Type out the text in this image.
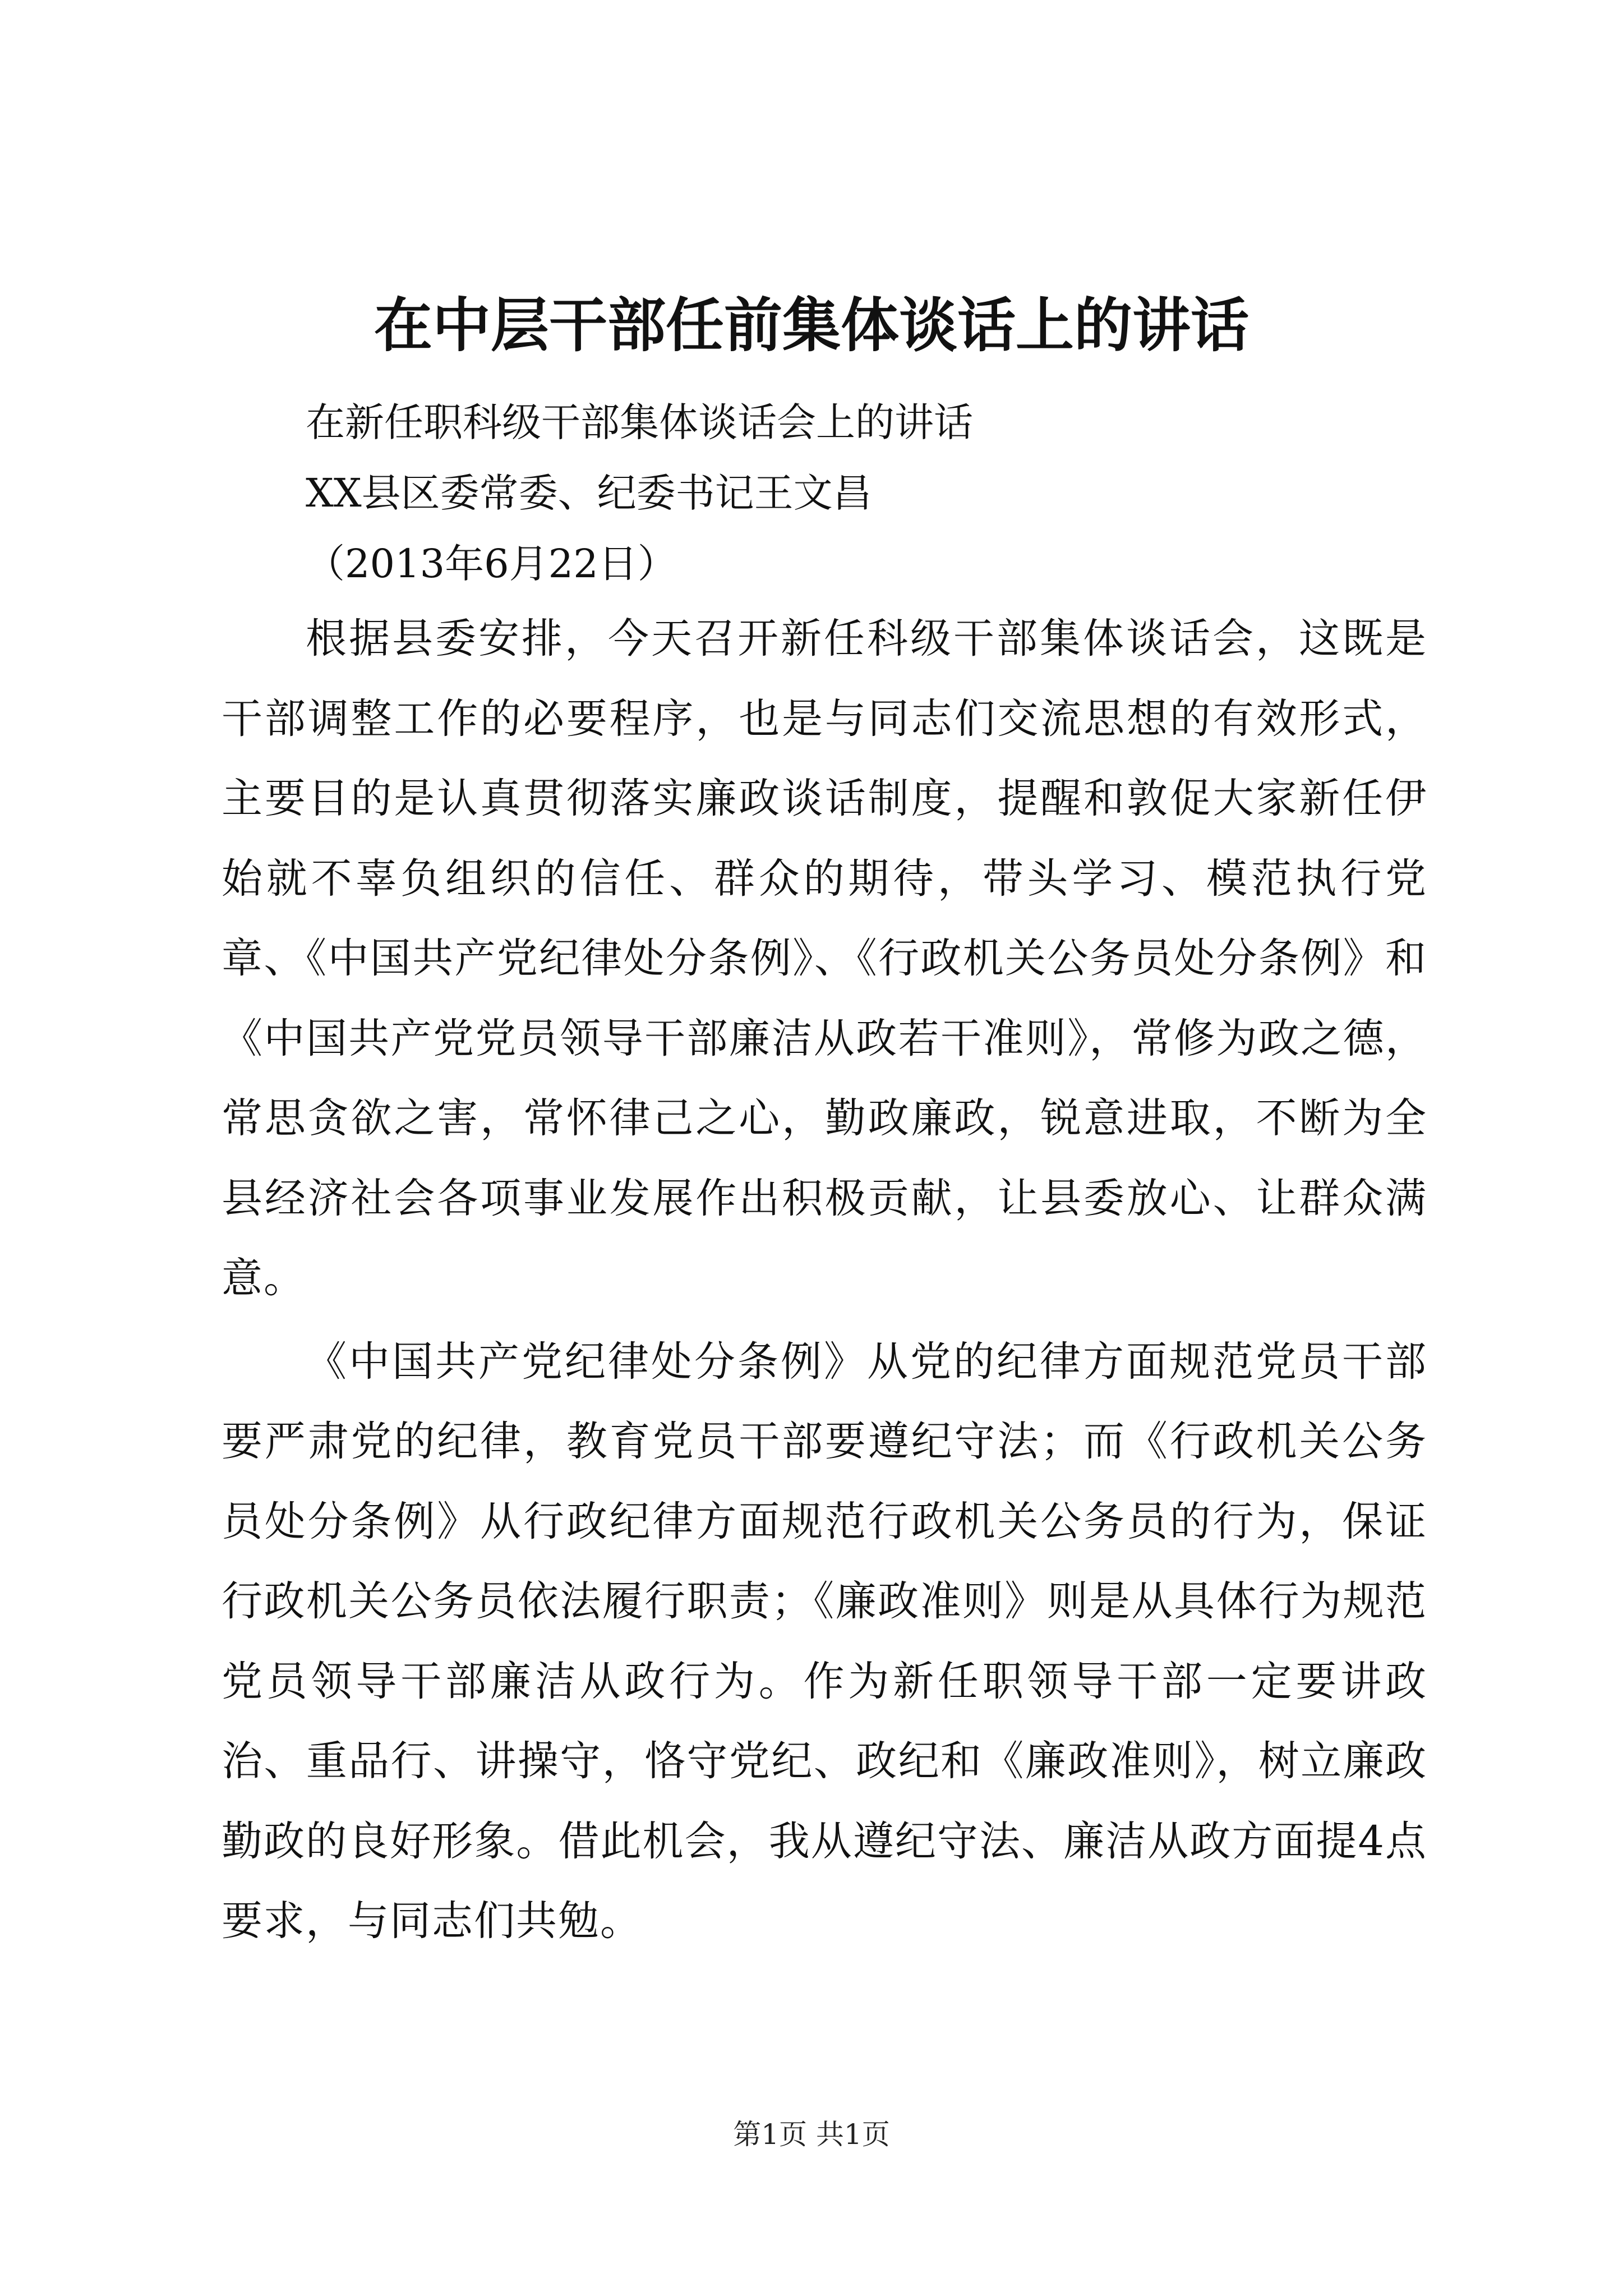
在中层干部任前集体谈话上的讲话
在新任职科级干部集体谈话会上的讲话
XX县区委常委、纪委书记王文昌
（2013年6月22日）

根据县委安排，今天召开新任科级干部集体谈话会，这既是干部调整工作的必要程序，也是与同志们交流思想的有效形式，主要目的是认真贯彻落实廉政谈话制度，提醒和敦促大家新任伊始就不辜负组织的信任、群众的期待，带头学习、模范执行党章、《中国共产党纪律处分条例》、《行政机关公务员处分条例》和《中国共产党党员领导干部廉洁从政若干准则》，常修为政之德，常思贪欲之害，常怀律己之心，勤政廉政，锐意进取，不断为全县经济社会各项事业发展作出积极贡献，让县委放心、让群众满意。

《中国共产党纪律处分条例》从党的纪律方面规范党员干部要严肃党的纪律，教育党员干部要遵纪守法；而《行政机关公务员处分条例》从行政纪律方面规范行政机关公务员的行为，保证行政机关公务员依法履行职责；《廉政准则》则是从具体行为规范党员领导干部廉洁从政行为。作为新任职领导干部一定要讲政治、重品行、讲操守，恪守党纪、政纪和《廉政准则》，树立廉政勤政的良好形象。借此机会，我从遵纪守法、廉洁从政方面提4点要求，与同志们共勉。

第1页 共1页
